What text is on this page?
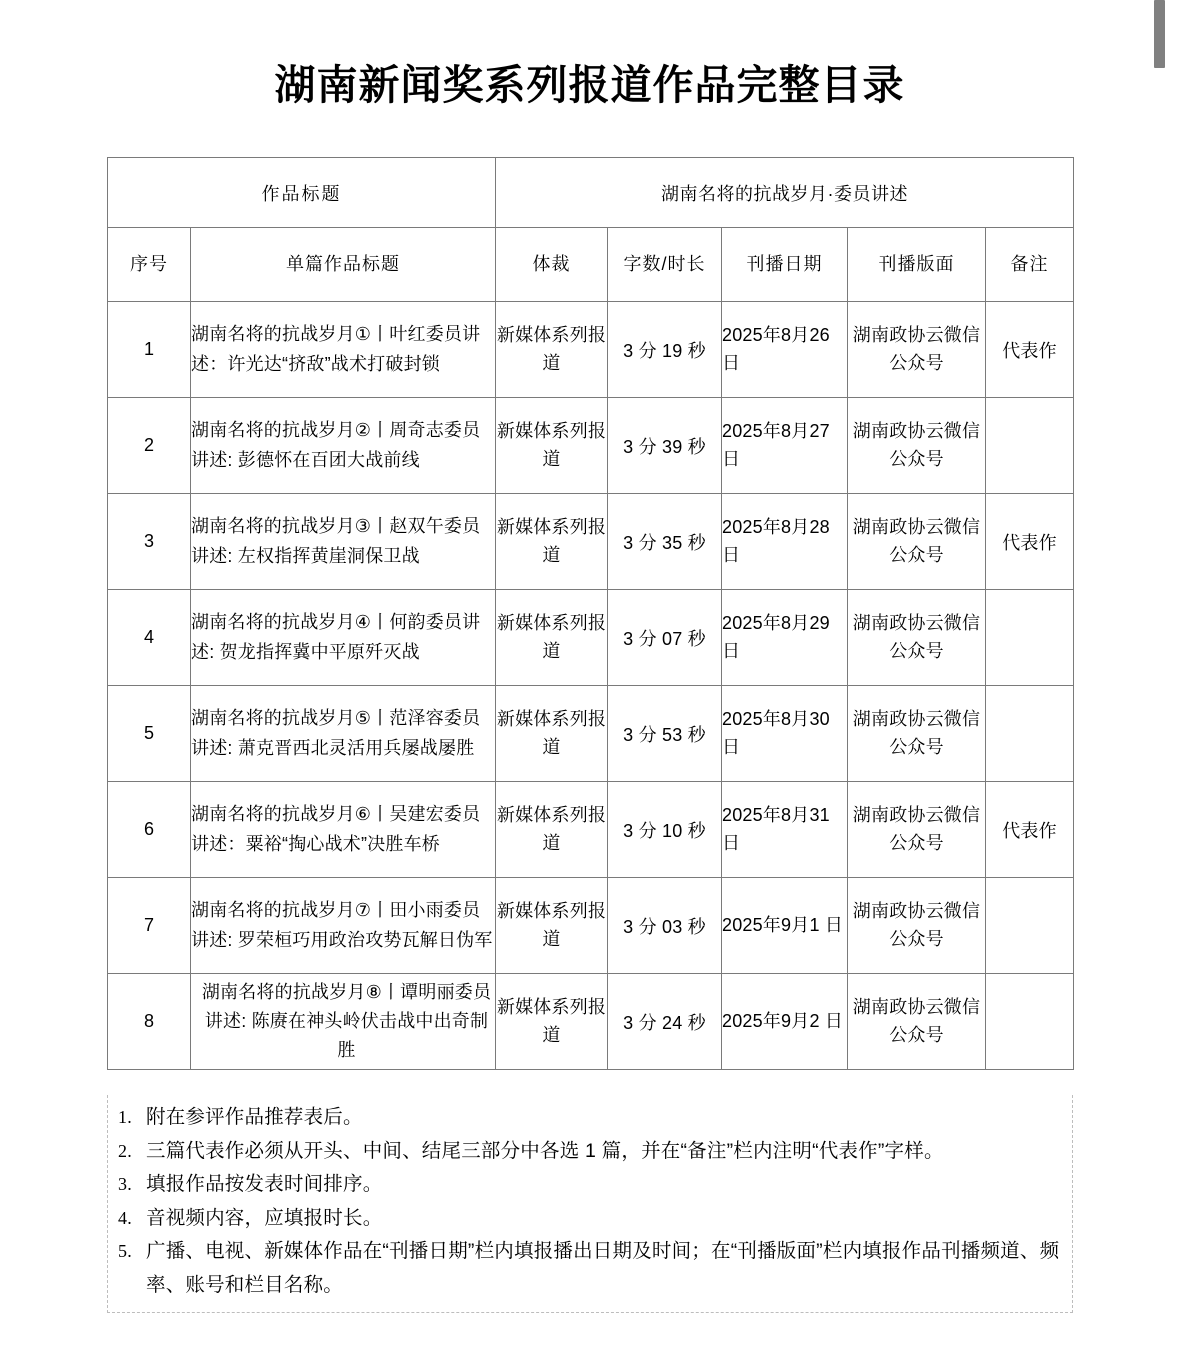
湖南新闻奖系列报道作品完整目录
作品标题		湖南名将的抗战岁月·委员讲述				
序号	单篇作品标题	体裁	字数/时长	刊播日期	刊播版面	备注
1	湖南名将的抗战岁月①丨叶红委员讲述：许光达“挤敌”战术打破封锁	新媒体系列报道	3 分 19 秒	2025年8月26 日	湖南政协云微信公众号	代表作
2	湖南名将的抗战岁月②丨周奇志委员讲述: 彭德怀在百团大战前线	新媒体系列报道	3 分 39 秒	2025年8月27 日	湖南政协云微信公众号	
3	湖南名将的抗战岁月③丨赵双午委员讲述: 左权指挥黄崖洞保卫战	新媒体系列报道	3 分 35 秒	2025年8月28 日	湖南政协云微信公众号	代表作
4	湖南名将的抗战岁月④丨何韵委员讲述: 贺龙指挥冀中平原歼灭战	新媒体系列报道	3 分 07 秒	2025年8月29 日	湖南政协云微信公众号	
5	湖南名将的抗战岁月⑤丨范泽容委员讲述: 萧克晋西北灵活用兵屡战屡胜	新媒体系列报道	3 分 53 秒	2025年8月30 日	湖南政协云微信公众号	
6	湖南名将的抗战岁月⑥丨吴建宏委员讲述：粟裕“掏心战术”决胜车桥	新媒体系列报道	3 分 10 秒	2025年8月31 日	湖南政协云微信公众号	代表作
7	湖南名将的抗战岁月⑦丨田小雨委员讲述: 罗荣桓巧用政治攻势瓦解日伪军	新媒体系列报道	3 分 03 秒	2025年9月1 日	湖南政协云微信公众号	
8	湖南名将的抗战岁月⑧丨谭明丽委员讲述: 陈赓在神头岭伏击战中出奇制胜	新媒体系列报道	3 分 24 秒	2025年9月2 日	湖南政协云微信公众号	
1. 附在参评作品推荐表后。
2. 三篇代表作必须从开头、中间、结尾三部分中各选 1 篇，并在“备注”栏内注明“代表作”字样。
3. 填报作品按发表时间排序。
4. 音视频内容，应填报时长。
5. 广播、电视、新媒体作品在“刊播日期”栏内填报播出日期及时间；在“刊播版面”栏内填报作品刊播频道、频率、账号和栏目名称。
